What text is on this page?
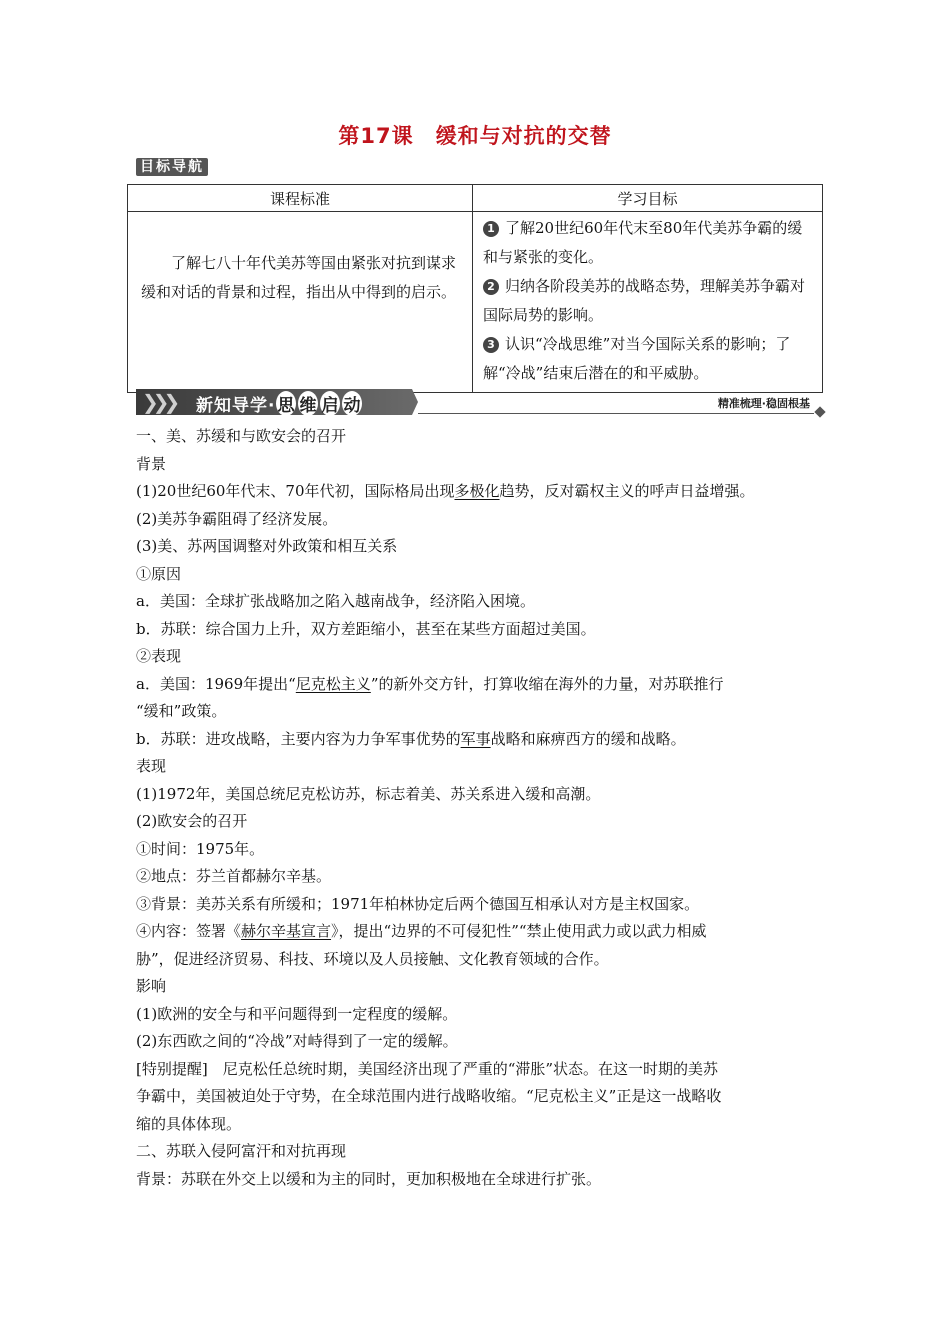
第17课 缓和与对抗的交替
目标导航
课程标准	学习目标

了解七八十年代美苏等国由紧张对抗到谋求缓和对话的背景和过程，指出从中得到的启示。	1 了解20世纪60年代末至80年代美苏争霸的缓和与紧张的变化。
2 归纳各阶段美苏的战略态势，理解美苏争霸对国际局势的影响。
3 认识“冷战思维”对当今国际关系的影响；了解“冷战”结束后潜在的和平威胁。
❯❯❯ 新知导学· 思 维 启 动	精准梳理·稳固根基

一、美、苏缓和与欧安会的召开

背景

(1)20世纪60年代末、70年代初，国际格局出现多极化趋势，反对霸权主义的呼声日益增强。

(2)美苏争霸阻碍了经济发展。

(3)美、苏两国调整对外政策和相互关系

①原因

a．美国：全球扩张战略加之陷入越南战争，经济陷入困境。

b．苏联：综合国力上升，双方差距缩小，甚至在某些方面超过美国。

②表现

a．美国：1969年提出“尼克松主义”的新外交方针，打算收缩在海外的力量，对苏联推行

“缓和”政策。

b．苏联：进攻战略，主要内容为力争军事优势的军事战略和麻痹西方的缓和战略。

表现

(1)1972年，美国总统尼克松访苏，标志着美、苏关系进入缓和高潮。

(2)欧安会的召开

①时间：1975年。

②地点：芬兰首都赫尔辛基。

③背景：美苏关系有所缓和；1971年柏林协定后两个德国互相承认对方是主权国家。

④内容：签署《赫尔辛基宣言》，提出“边界的不可侵犯性”“禁止使用武力或以武力相威

胁”，促进经济贸易、科技、环境以及人员接触、文化教育领域的合作。

影响

(1)欧洲的安全与和平问题得到一定程度的缓解。

(2)东西欧之间的“冷战”对峙得到了一定的缓解。

[特别提醒]　尼克松任总统时期，美国经济出现了严重的“滞胀”状态。在这一时期的美苏

争霸中，美国被迫处于守势，在全球范围内进行战略收缩。“尼克松主义”正是这一战略收

缩的具体体现。

二、苏联入侵阿富汗和对抗再现

背景：苏联在外交上以缓和为主的同时，更加积极地在全球进行扩张。
